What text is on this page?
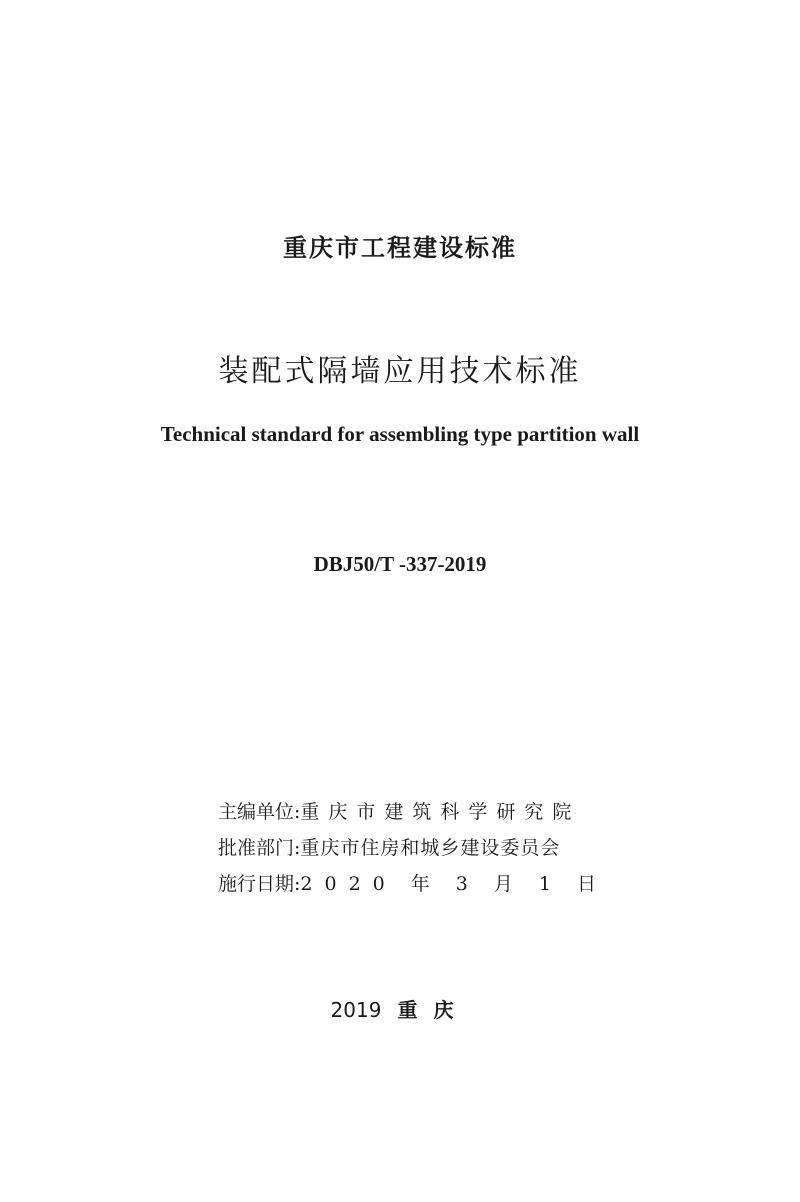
重庆市工程建设标准
装配式隔墙应用技术标准
Technical standard for assembling type partition wall
DBJ50/T -337-2019
主编单位: 重庆市建筑科学研究院
批准部门: 重庆市住房和城乡建设委员会
施行日期: 2020 年 3 月 1 日
2019 重庆
